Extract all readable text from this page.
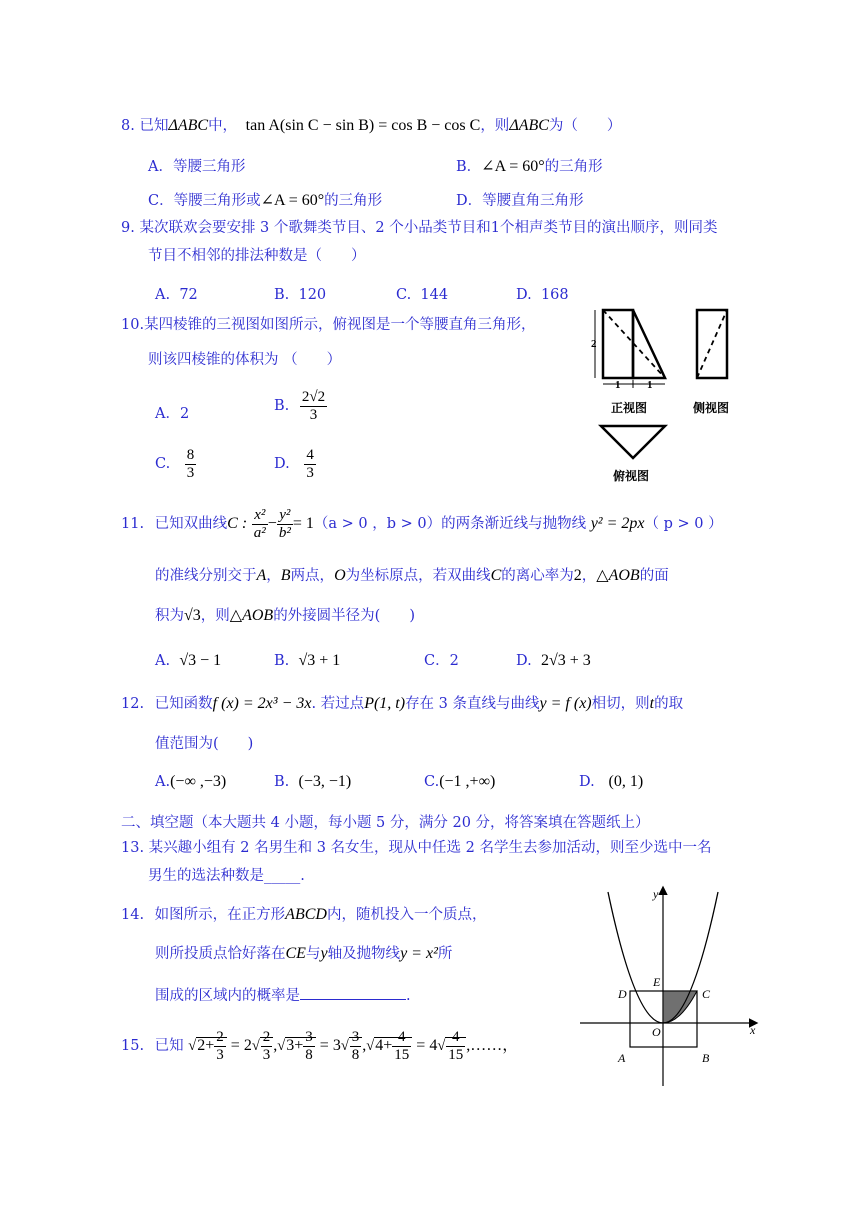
8. 已知ΔABC中， tan A(sin C − sin B) = cos B − cos C，则ΔABC为（　　）
A．等腰三角形	B．∠A = 60°的三角形
C．等腰三角形或∠A = 60°的三角形	D．等腰直角三角形
9. 某次联欢会要安排 3 个歌舞类节目、2 个小品类节目和1个相声类节目的演出顺序，则同类
节目不相邻的排法种数是（　　）
A. 72	B. 120	C. 144	D. 168
10.某四棱锥的三视图如图所示，俯视图是一个等腰直角三角形，
则该四棱锥的体积为 （　　）
A．2	B. $\frac{2√2}{3}$
C. $\frac{8}{3}$	D. $\frac{4}{3}$
2
1 1
正视图	侧视图
俯视图
11. 已知双曲线C : $\frac{\text{x²}}{\text{a²}} - \frac{\text{y²}}{\text{b²}} = 1(a > 0$ ，b > 0）的两条渐近线与抛物线 y² = 2px（ p > 0 ）
的准线分别交于A，B两点，O为坐标原点，若双曲线C的离心率为2，△AOB的面
积为√3，则△AOB的外接圆半径为(　　)
A. √3 − 1	B. √3 + 1	C．2	D. 2√3 + 3
12. 已知函数f (x) = 2x³ − 3x. 若过点P(1, t)存在 3 条直线与曲线y = f (x)相切，则t的取
值范围为(　　)
A.(−∞ ,−3)	B. (−3, −1)	C.(−1 ,+∞)	D. (0, 1)
二、填空题（本大题共 4 小题，每小题 5 分，满分 20 分，将答案填在答题纸上）
13. 某兴趣小组有 2 名男生和 3 名女生，现从中任选 2 名学生去参加活动，则至少选中一名
男生的选法种数是_____.
14. 如图所示，在正方形ABCD内，随机投入一个质点，
则所投质点恰好落在CE与y轴及抛物线y = x²所
围成的区域内的概率是	.
x
y
O
E
A	B
C
D
15. 已知 $√2+ \frac{2}{3} = 2√ \frac{2}{3} ,√3+ \frac{3}{8} = 3√ \frac{3}{8} ,√4+ \frac{4}{15} = 4√ \frac{4}{15}$ ,……，
